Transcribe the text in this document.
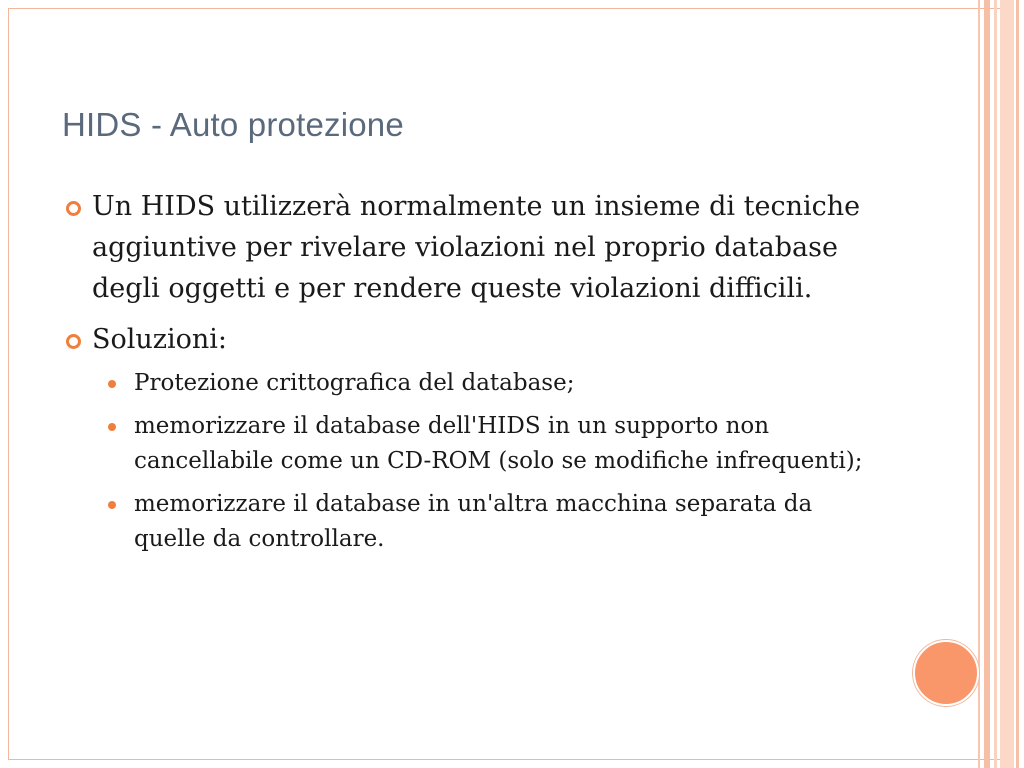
HIDS - Auto protezione
Un HIDS utilizzerà normalmente un insieme di tecniche aggiuntive per rivelare violazioni nel proprio database degli oggetti e per rendere queste violazioni difficili.
Soluzioni:
Protezione crittografica del database;
memorizzare il database dell'HIDS in un supporto non cancellabile come un CD-ROM (solo se modifiche infrequenti);
memorizzare il database in un'altra macchina separata da quelle da controllare.
